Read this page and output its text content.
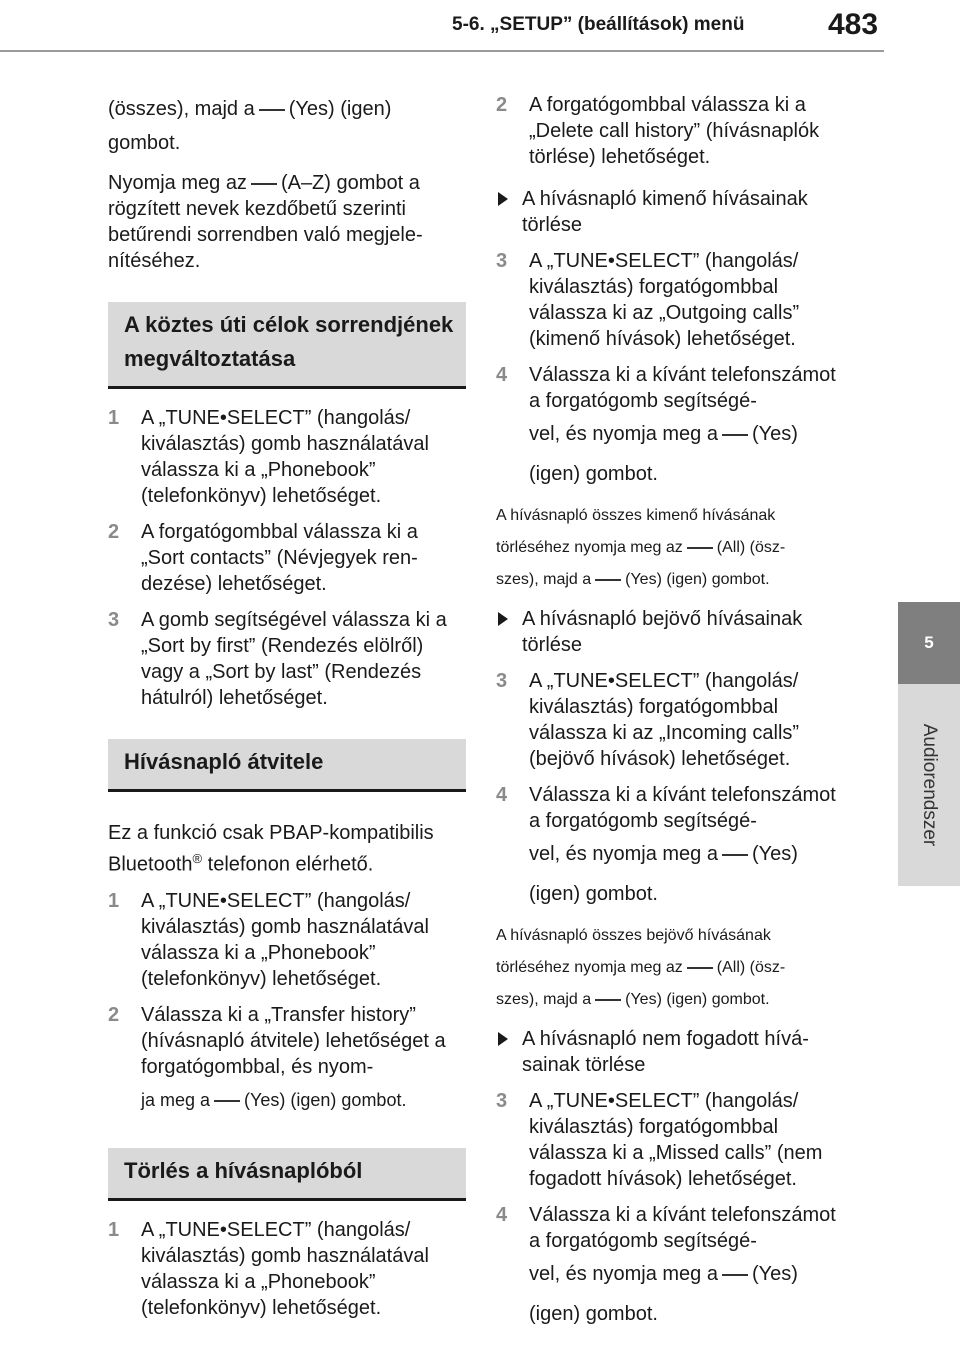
5-6. „SETUP” (beállítások) menü	483
5
Audiorendszer

(összes), majd a (Yes) (igen) gombot.

Nyomja meg az (A–Z) gombot a rögzített nevek kezdőbetű szerinti betűrendi sorrendben való megjelenítéséhez.

A köztes úti célok sorrendjének megváltoztatása
1	A „TUNE•SELECT” (hangolás/ kiválasztás) gomb használatával válassza ki a „Phonebook” (telefonkönyv) lehetőséget.
2	A forgatógombbal válassza ki a „Sort contacts” (Névjegyek rendezése) lehetőséget.
3	A gomb segítségével válassza ki a „Sort by first” (Rendezés elölről) vagy a „Sort by last” (Rendezés hátulról) lehetőséget.
Hívásnapló átvitele

Ez a funkció csak PBAP-kompatibilis Bluetooth® telefonon elérhető.

1	A „TUNE•SELECT” (hangolás/ kiválasztás) gomb használatával válassza ki a „Phonebook” (telefonkönyv) lehetőséget.
2	Válassza ki a „Transfer history” (hívásnapló átvitele) lehetőséget a forgatógombbal, és nyom-
ja meg a (Yes) (igen) gombot.
Törlés a hívásnaplóból
1	A „TUNE•SELECT” (hangolás/ kiválasztás) gomb használatával válassza ki a „Phonebook” (telefonkönyv) lehetőséget.
2	A forgatógombbal válassza ki a „Delete call history” (hívásnaplók törlése) lehetőséget.
A hívásnapló kimenő hívásainak törlése
3	A „TUNE•SELECT” (hangolás/ kiválasztás) forgatógombbal válassza ki az „Outgoing calls” (kimenő hívások) lehetőséget.
4	Válassza ki a kívánt telefonszámot a forgatógomb segítségé-
vel, és nyomja meg a (Yes) (igen) gombot.
A hívásnapló összes kimenő hívásának
törléséhez nyomja meg az (All) (ösz-
szes), majd a (Yes) (igen) gombot.
A hívásnapló bejövő hívásainak törlése
3	A „TUNE•SELECT” (hangolás/ kiválasztás) forgatógombbal válassza ki az „Incoming calls” (bejövő hívások) lehetőséget.
4	Válassza ki a kívánt telefonszámot a forgatógomb segítségé-
vel, és nyomja meg a (Yes) (igen) gombot.
A hívásnapló összes bejövő hívásának
törléséhez nyomja meg az (All) (ösz-
szes), majd a (Yes) (igen) gombot.
A hívásnapló nem fogadott hívásainak törlése
3	A „TUNE•SELECT” (hangolás/ kiválasztás) forgatógombbal válassza ki a „Missed calls” (nem fogadott hívások) lehetőséget.
4	Válassza ki a kívánt telefonszámot a forgatógomb segítségé-
vel, és nyomja meg a (Yes) (igen) gombot.
